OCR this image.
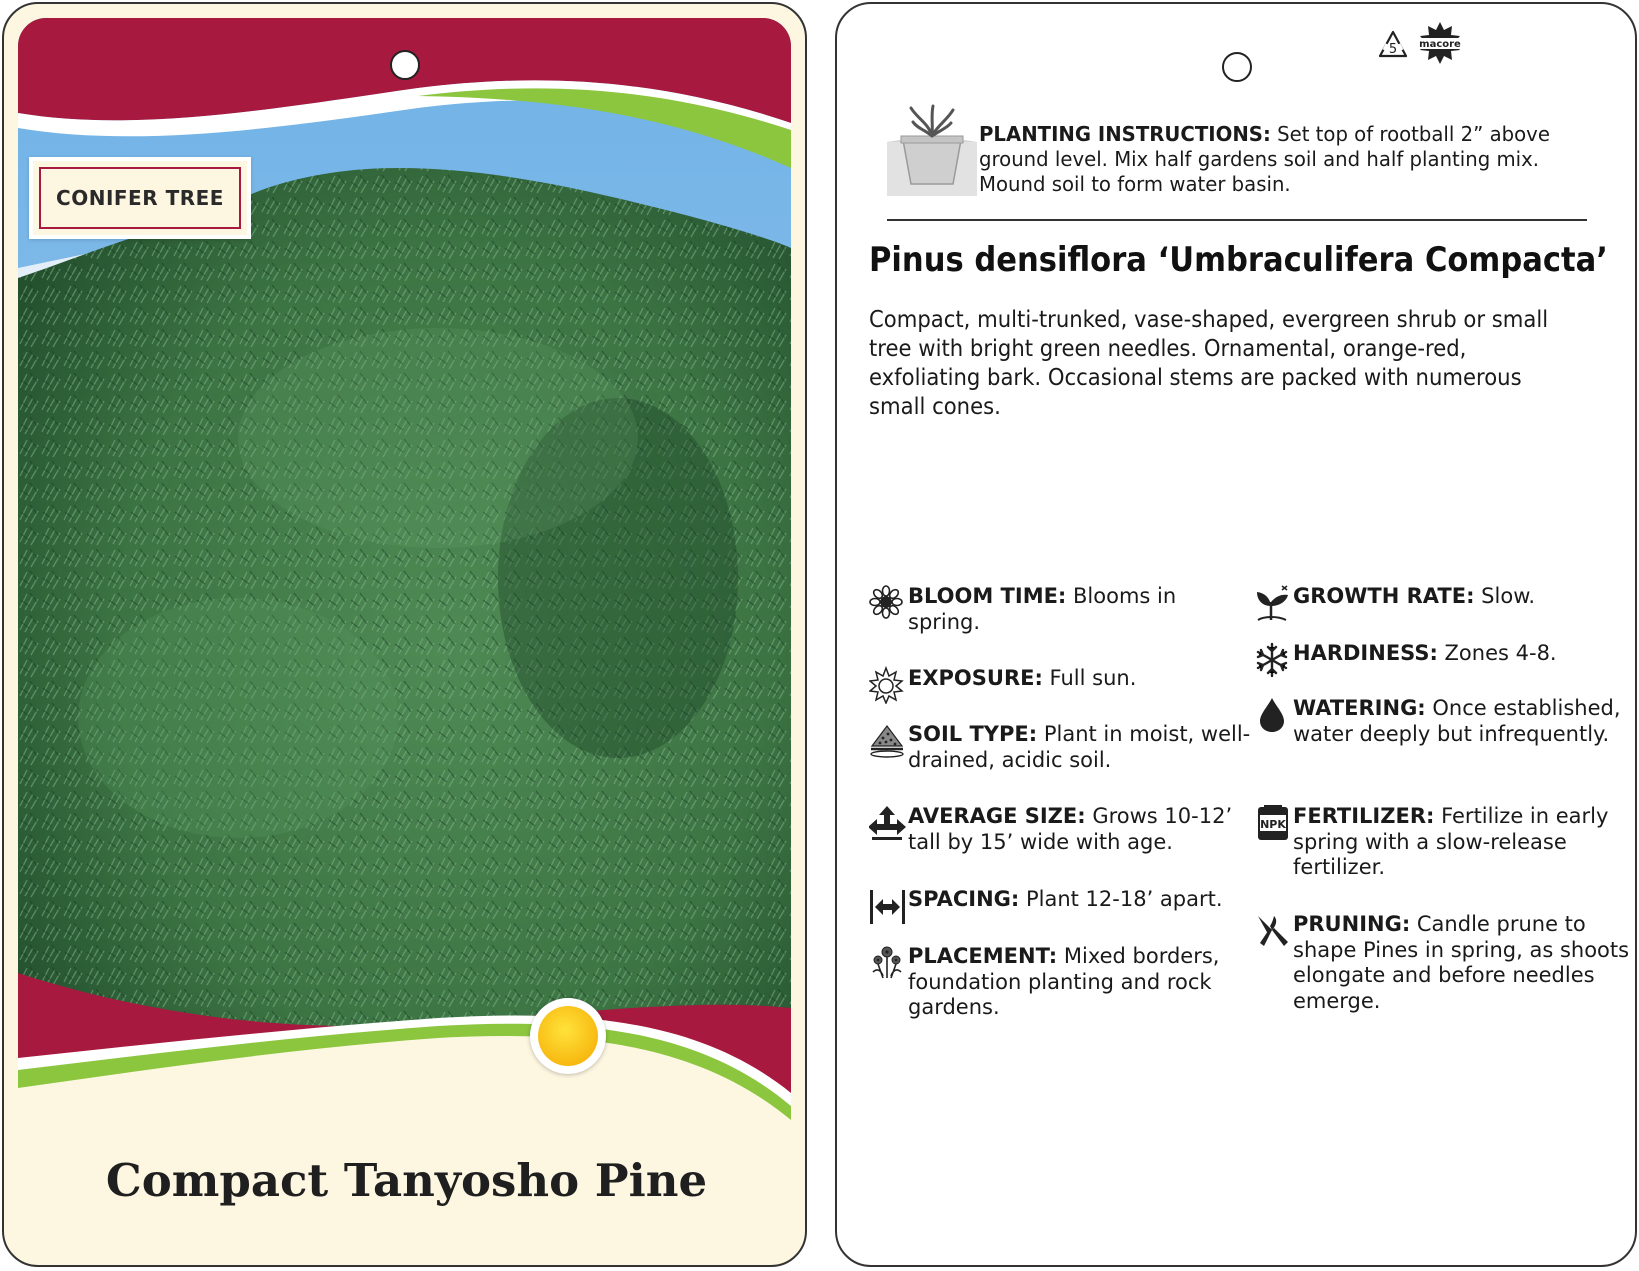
CONIFER TREE
Compact Tanyosho Pine
5 macore
PLANTING INSTRUCTIONS: Set top of rootball 2” above ground level. Mix half gardens soil and half planting mix. Mound soil to form water basin.
Pinus densiflora ‘Umbraculifera Compacta’
Compact, multi-trunked, vase-shaped, evergreen shrub or small tree with bright green needles. Ornamental, orange-red, exfoliating bark. Occasional stems are packed with numerous small cones.
BLOOM TIME: Blooms in spring.
EXPOSURE: Full sun.
SOIL TYPE: Plant in moist, well-drained, acidic soil.
AVERAGE SIZE: Grows 10-12’ tall by 15’ wide with age.
SPACING: Plant 12-18’ apart.
PLACEMENT: Mixed borders, foundation planting and rock gardens.
GROWTH RATE: Slow.
HARDINESS: Zones 4-8.
WATERING: Once established, water deeply but infrequently.
NPK FERTILIZER: Fertilize in early spring with a slow-release fertilizer.
PRUNING: Candle prune to shape Pines in spring, as shoots elongate and before needles emerge.
